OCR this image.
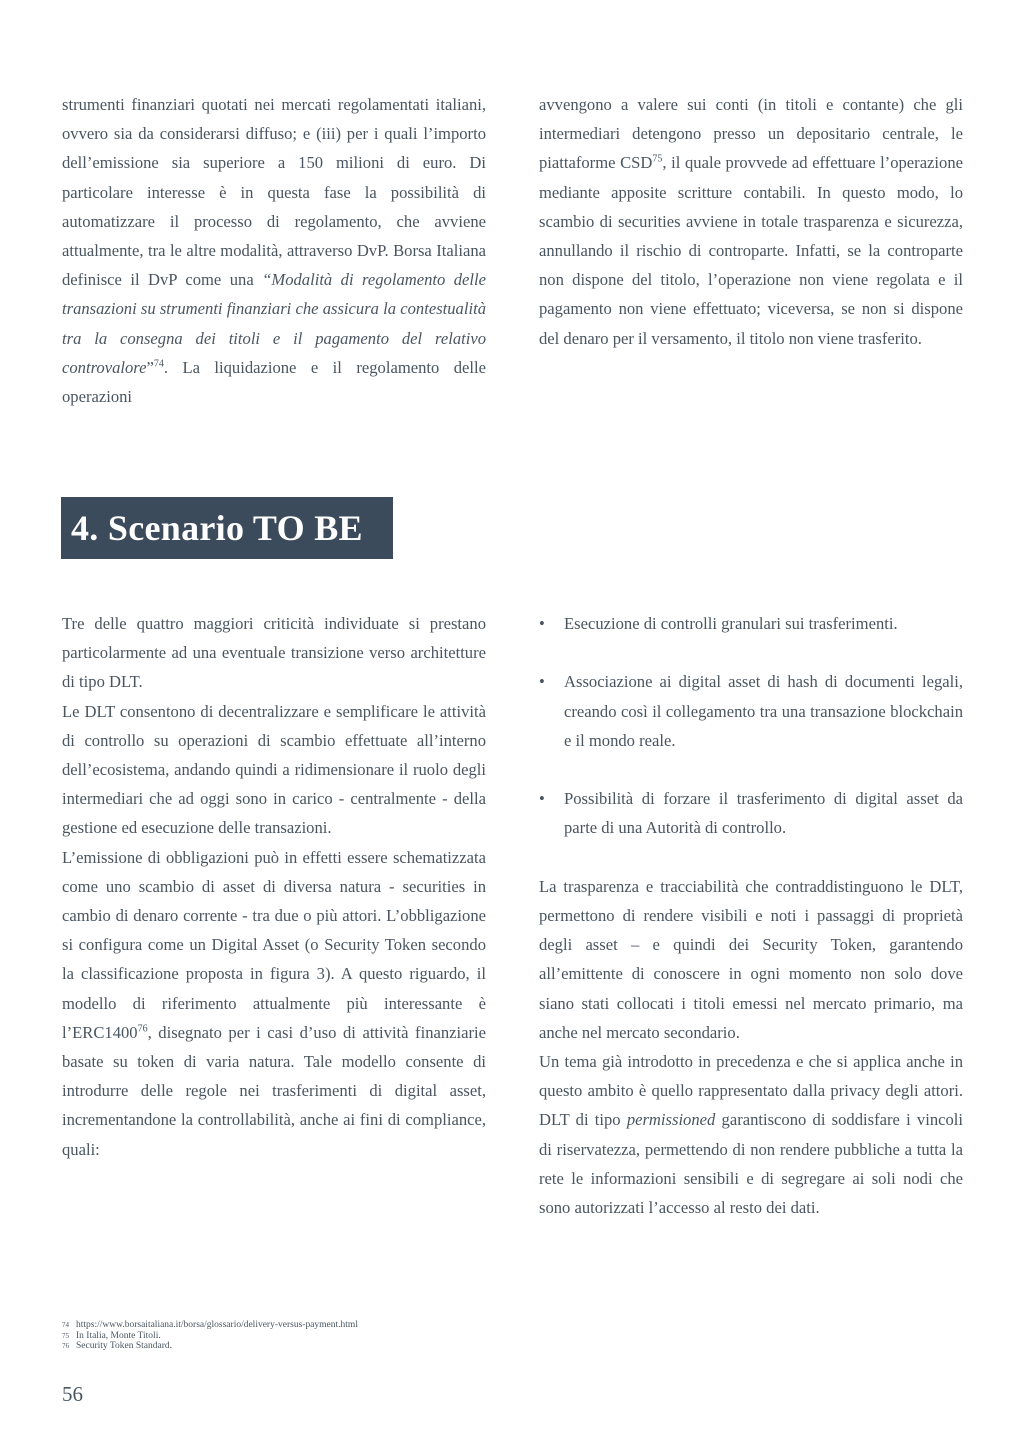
strumenti finanziari quotati nei mercati regolamentati italiani, ovvero sia da considerarsi diffuso; e (iii) per i quali l’importo dell’emissione sia superiore a 150 milioni di euro. Di particolare interesse è in questa fase la possibilità di automatizzare il processo di regolamento, che avviene attualmente, tra le altre modalità, attraverso DvP. Borsa Italiana definisce il DvP come una “Modalità di regolamento delle transazioni su strumenti finanziari che assicura la contestualità tra la consegna dei titoli e il pagamento del relativo controvalore”$^{74}$. La liquidazione e il regolamento delle operazioni

avvengono a valere sui conti (in titoli e contante) che gli intermediari detengono presso un depositario centrale, le piattaforme CSD$^{75}$, il quale provvede ad effettuare l’operazione mediante apposite scritture contabili. In questo modo, lo scambio di securities avviene in totale trasparenza e sicurezza, annullando il rischio di controparte. Infatti, se la controparte non dispone del titolo, l’operazione non viene regolata e il pagamento non viene effettuato; viceversa, se non si dispone del denaro per il versamento, il titolo non viene trasferito.

4. Scenario TO BE

Tre delle quattro maggiori criticità individuate si prestano particolarmente ad una eventuale transizione verso architetture di tipo DLT.

Le DLT consentono di decentralizzare e semplificare le attività di controllo su operazioni di scambio effettuate all’interno dell’ecosistema, andando quindi a ridimensionare il ruolo degli intermediari che ad oggi sono in carico - centralmente - della gestione ed esecuzione delle transazioni.

L’emissione di obbligazioni può in effetti essere schematizzata come uno scambio di asset di diversa natura - securities in cambio di denaro corrente - tra due o più attori. L’obbligazione si configura come un Digital Asset (o Security Token secondo la classificazione proposta in figura 3). A questo riguardo, il modello di riferimento attualmente più interessante è l’ERC1400$^{76}$, disegnato per i casi d’uso di attività finanziarie basate su token di varia natura. Tale modello consente di introdurre delle regole nei trasferimenti di digital asset, incrementandone la controllabilità, anche ai fini di compliance, quali:

• Esecuzione di controlli granulari sui trasferimenti.
• Associazione ai digital asset di hash di documenti legali, creando così il collegamento tra una transazione blockchain e il mondo reale.
• Possibilità di forzare il trasferimento di digital asset da parte di una Autorità di controllo.

La trasparenza e tracciabilità che contraddistinguono le DLT, permettono di rendere visibili e noti i passaggi di proprietà degli asset – e quindi dei Security Token, garantendo all’emittente di conoscere in ogni momento non solo dove siano stati collocati i titoli emessi nel mercato primario, ma anche nel mercato secondario.

Un tema già introdotto in precedenza e che si applica anche in questo ambito è quello rappresentato dalla privacy degli attori. DLT di tipo permissioned garantiscono di soddisfare i vincoli di riservatezza, permettendo di non rendere pubbliche a tutta la rete le informazioni sensibili e di segregare ai soli nodi che sono autorizzati l’accesso al resto dei dati.

74 https://www.borsaitaliana.it/borsa/glossario/delivery-versus-payment.html
75 In Italia, Monte Titoli.
76 Security Token Standard.
56
